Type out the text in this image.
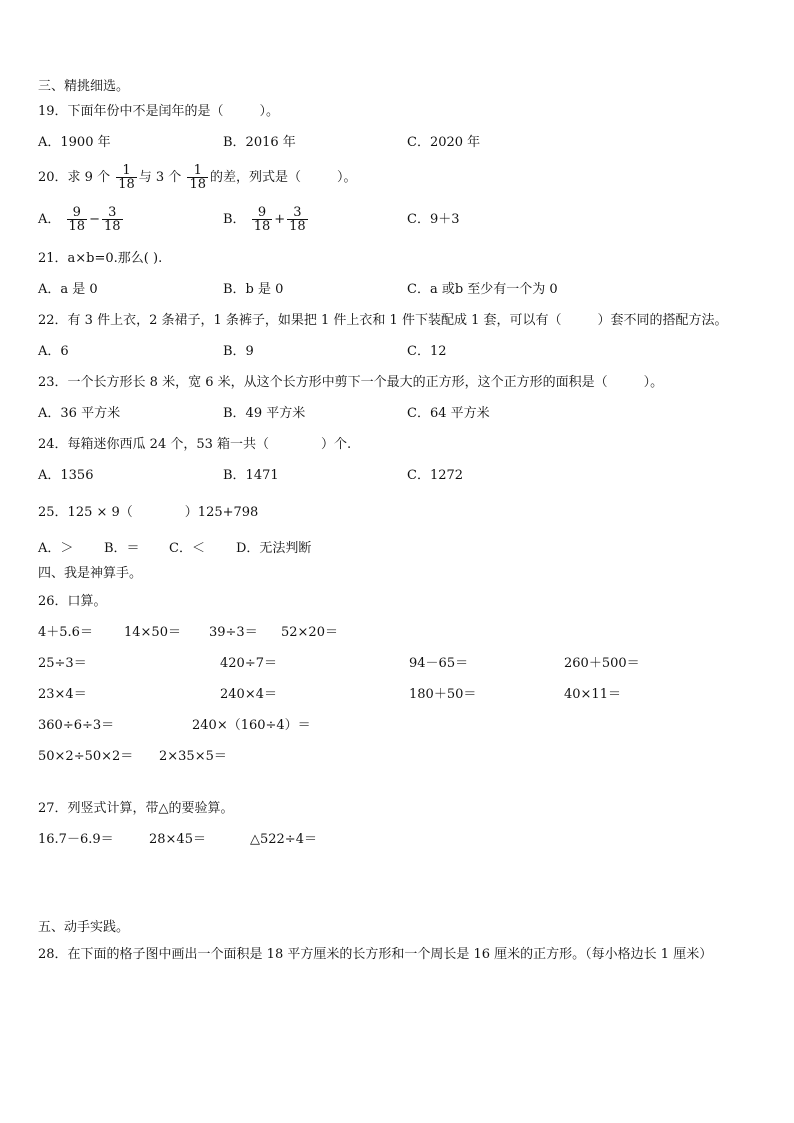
三、精挑细选。
19．下面年份中不是闰年的是（	）。
A．1900 年	B．2016 年	C．2020 年
20．求 9 个 $\frac{1}{18}$ 与 3 个 $\frac{1}{18}$ 的差，列式是（	）。
A． $\frac{9}{18} - \frac{3}{18}$	B． $\frac{9}{18} + \frac{3}{18}$	C．9＋3
21．a×b=0.那么( ).
A．a 是 0	B．b 是 0	C．a 或b 至少有一个为 0
22．有 3 件上衣，2 条裙子，1 条裤子，如果把 1 件上衣和 1 件下装配成 1 套，可以有（	）套不同的搭配方法。
A．6	B．9	C．12
23．一个长方形长 8 米，宽 6 米，从这个长方形中剪下一个最大的正方形，这个正方形的面积是（	）。
A．36 平方米	B．49 平方米	C．64 平方米
24．每箱迷你西瓜 24 个，53 箱一共（	）个.
A．1356	B．1471	C．1272
25．125 × 9（	）125+798
A．＞ B．＝ C．＜ D．无法判断
四、我是神算手。
26．口算。
4＋5.6＝ 14×50＝ 39÷3＝ 52×20＝
25÷3＝	420÷7＝	94－65＝	260＋500＝
23×4＝	240×4＝	180＋50＝	40×11＝
360÷6÷3＝	240×（160÷4）＝
50×2÷50×2＝ 2×35×5＝
27．列竖式计算，带△的要验算。
16.7－6.9＝	28×45＝	△522÷4＝
五、动手实践。
28．在下面的格子图中画出一个面积是 18 平方厘米的长方形和一个周长是 16 厘米的正方形。（每小格边长 1 厘米）
